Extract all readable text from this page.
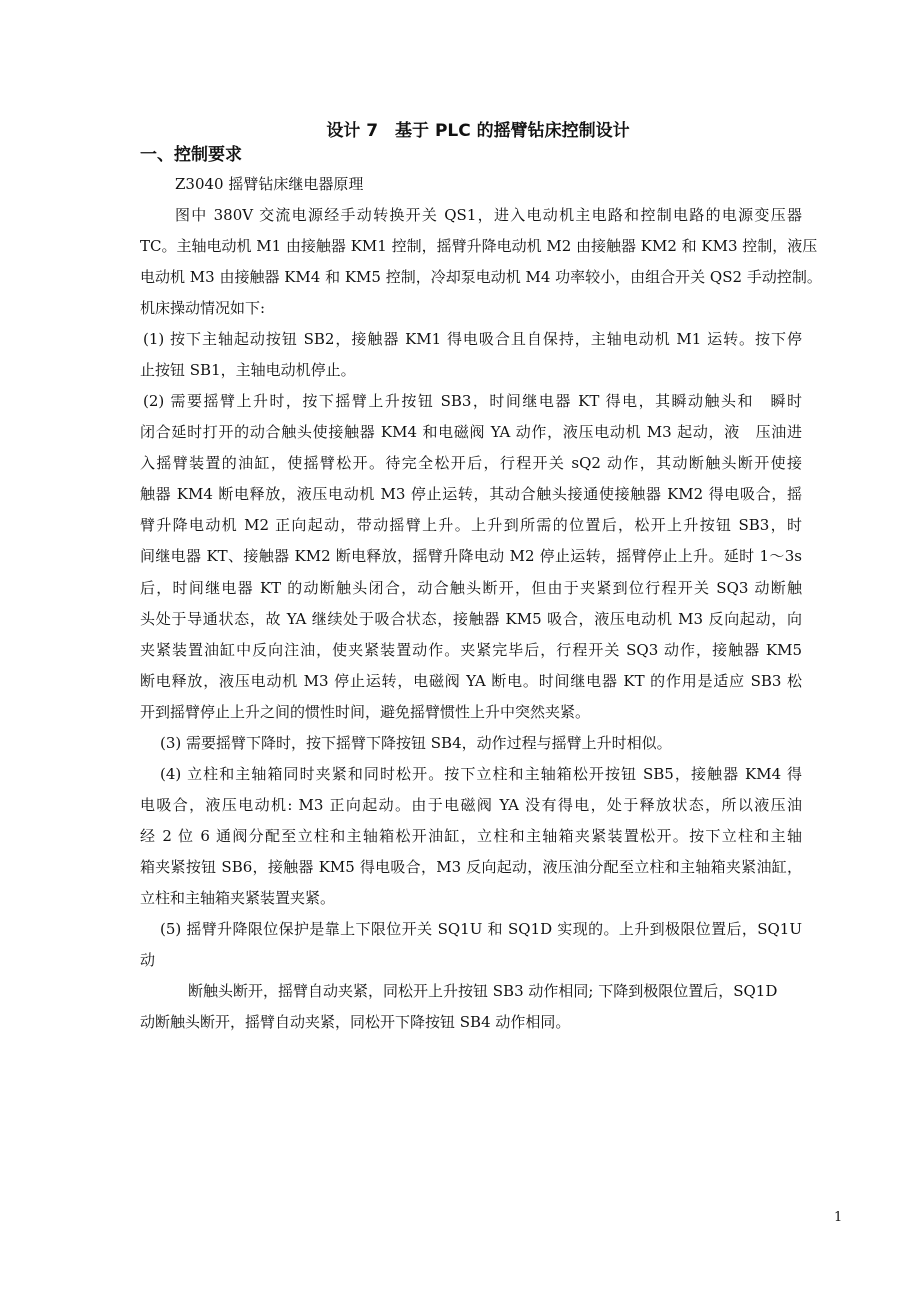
设计 7　基于 PLC 的摇臂钻床控制设计
一、控制要求
Z3040 摇臂钻床继电器原理
图中 380V 交流电源经手动转换开关 QS1，进入电动机主电路和控制电路的电源变压器
TC。主轴电动机 M1 由接触器 KM1 控制，摇臂升降电动机 M2 由接触器 KM2 和 KM3 控制，液压
电动机 M3 由接触器 KM4 和 KM5 控制，冷却泵电动机 M4 功率较小，由组合开关 QS2 手动控制。
机床操动情况如下:
(1) 按下主轴起动按钮 SB2，接触器 KM1 得电吸合且自保持，主轴电动机 M1 运转。按下停
止按钮 SB1，主轴电动机停止。
(2) 需要摇臂上升时，按下摇臂上升按钮 SB3，时间继电器 KT 得电，其瞬动触头和　瞬时
闭合延时打开的动合触头使接触器 KM4 和电磁阀 YA 动作，液压电动机 M3 起动，液　压油进
入摇臂装置的油缸，使摇臂松开。待完全松开后，行程开关 sQ2 动作，其动断触头断开使接
触器 KM4 断电释放，液压电动机 M3 停止运转，其动合触头接通使接触器 KM2 得电吸合，摇
臂升降电动机 M2 正向起动，带动摇臂上升。上升到所需的位置后，松开上升按钮 SB3，时
间继电器 KT、接触器 KM2 断电释放，摇臂升降电动 M2 停止运转，摇臂停止上升。延时 1～3s
后，时间继电器 KT 的动断触头闭合，动合触头断开，但由于夹紧到位行程开关 SQ3 动断触
头处于导通状态，故 YA 继续处于吸合状态，接触器 KM5 吸合，液压电动机 M3 反向起动，向
夹紧装置油缸中反向注油，使夹紧装置动作。夹紧完毕后，行程开关 SQ3 动作，接触器 KM5
断电释放，液压电动机 M3 停止运转，电磁阀 YA 断电。时间继电器 KT 的作用是适应 SB3 松
开到摇臂停止上升之间的惯性时间，避免摇臂惯性上升中突然夹紧。
(3) 需要摇臂下降时，按下摇臂下降按钮 SB4，动作过程与摇臂上升时相似。
(4) 立柱和主轴箱同时夹紧和同时松开。按下立柱和主轴箱松开按钮 SB5，接触器 KM4 得
电吸合，液压电动机: M3 正向起动。由于电磁阀 YA 没有得电，处于释放状态，所以液压油
经 2 位 6 通阀分配至立柱和主轴箱松开油缸，立柱和主轴箱夹紧装置松开。按下立柱和主轴
箱夹紧按钮 SB6，接触器 KM5 得电吸合，M3 反向起动，液压油分配至立柱和主轴箱夹紧油缸，
立柱和主轴箱夹紧装置夹紧。
(5) 摇臂升降限位保护是靠上下限位开关 SQ1U 和 SQ1D 实现的。上升到极限位置后，SQ1U
动
断触头断开，摇臂自动夹紧，同松开上升按钮 SB3 动作相同; 下降到极限位置后，SQ1D
动断触头断开，摇臂自动夹紧，同松开下降按钮 SB4 动作相同。
1
